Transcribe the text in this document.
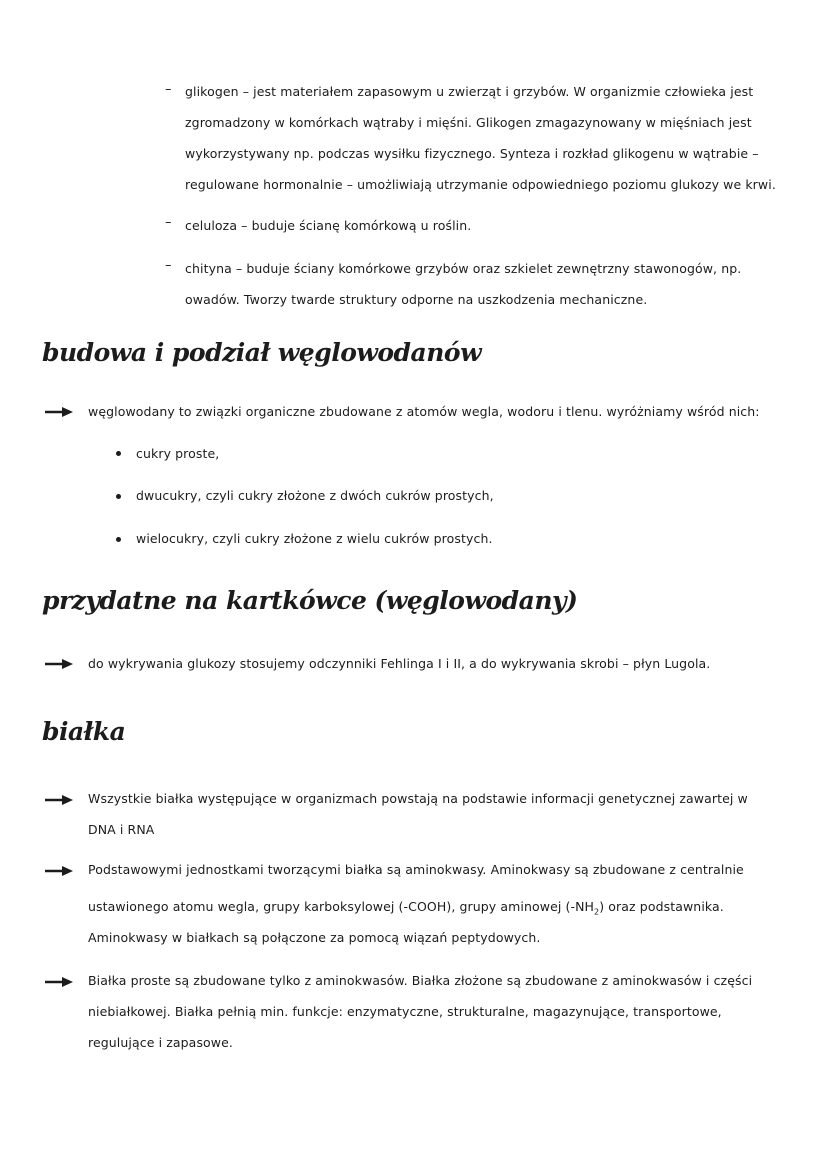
– glikogen – jest materiałem zapasowym u zwierząt i grzybów. W organizmie człowieka jest
zgromadzony w komórkach wątraby i mięśni. Glikogen zmagazynowany w mięśniach jest
wykorzystywany np. podczas wysiłku fizycznego. Synteza i rozkład glikogenu w wątrabie –
regulowane hormonalnie – umożliwiają utrzymanie odpowiedniego poziomu glukozy we krwi.
– celuloza – buduje ścianę komórkową u roślin.
– chityna – buduje ściany komórkowe grzybów oraz szkielet zewnętrzny stawonogów, np.
owadów. Tworzy twarde struktury odporne na uszkodzenia mechaniczne.
budowa i podział węglowodanów
węglowodany to związki organiczne zbudowane z atomów wegla, wodoru i tlenu. wyróżniamy wśród nich:
cukry proste,
dwucukry, czyli cukry złożone z dwóch cukrów prostych,
wielocukry, czyli cukry złożone z wielu cukrów prostych.
przydatne na kartkówce (węglowodany)
do wykrywania glukozy stosujemy odczynniki Fehlinga I i II, a do wykrywania skrobi – płyn Lugola.
białka
Wszystkie białka występujące w organizmach powstają na podstawie informacji genetycznej zawartej w
DNA i RNA
Podstawowymi jednostkami tworzącymi białka są aminokwasy. Aminokwasy są zbudowane z centralnie
ustawionego atomu wegla, grupy karboksylowej (-COOH), grupy aminowej $(-NH_2)$ oraz podstawnika.
Aminokwasy w białkach są połączone za pomocą wiązań peptydowych.
Białka proste są zbudowane tylko z aminokwasów. Białka złożone są zbudowane z aminokwasów i części
niebiałkowej. Białka pełnią min. funkcje: enzymatyczne, strukturalne, magazynujące, transportowe,
regulujące i zapasowe.
